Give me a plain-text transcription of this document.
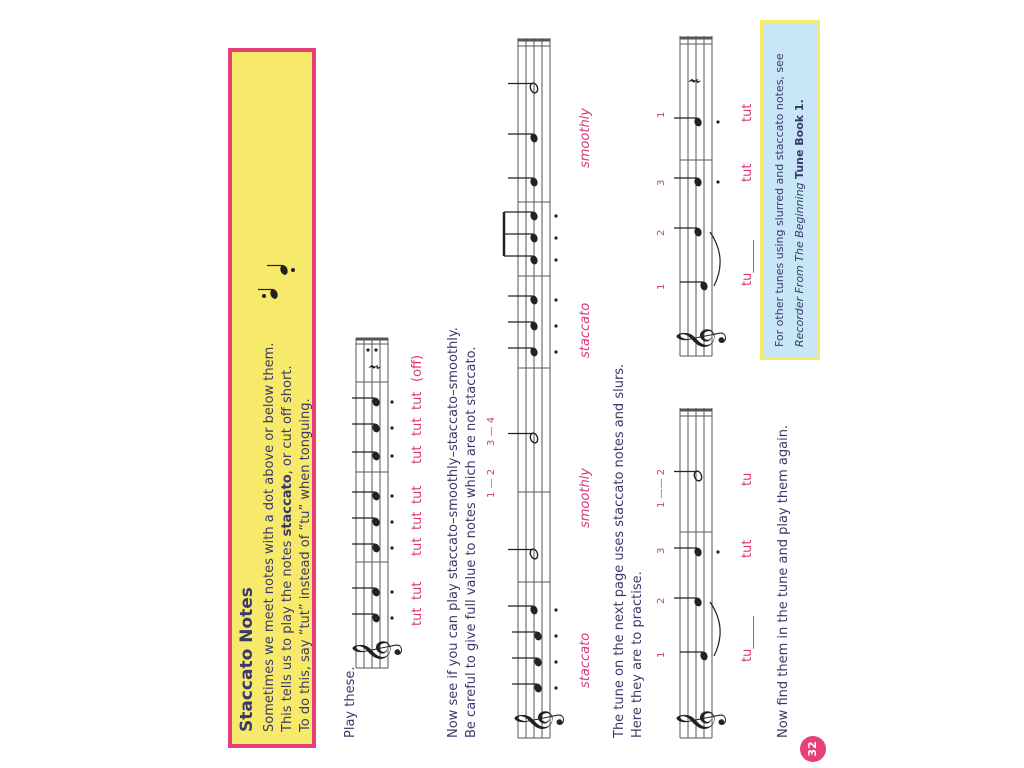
Staccato Notes Sometimes we meet notes with a dot above or below them. This tells us to play the notes staccato, or cut off short. To do this, say “tut” instead of “tu” when tonguing. Play these.
𝄞
𝄽
tut
tut
tut
tut
tut
tut
tut
tut
(off) Now see if you can play staccato–smoothly–staccato–smoothly. Be careful to give full value to notes which are not staccato. 1 — 2
3 — 4
𝄞
staccato
smoothly
staccato
smoothly
The tune on the next page uses staccato notes and slurs. Here they are to practise. 1
2
3
1 —— 2
𝄞
tu_____
tut
tu
1
2
3
1
𝄞
𝄽
tu_____
tut
tut
Now find them in the tune and play them again.
For other tunes using slurred and staccato notes, see Recorder From The Beginning Tune Book 1.
32
